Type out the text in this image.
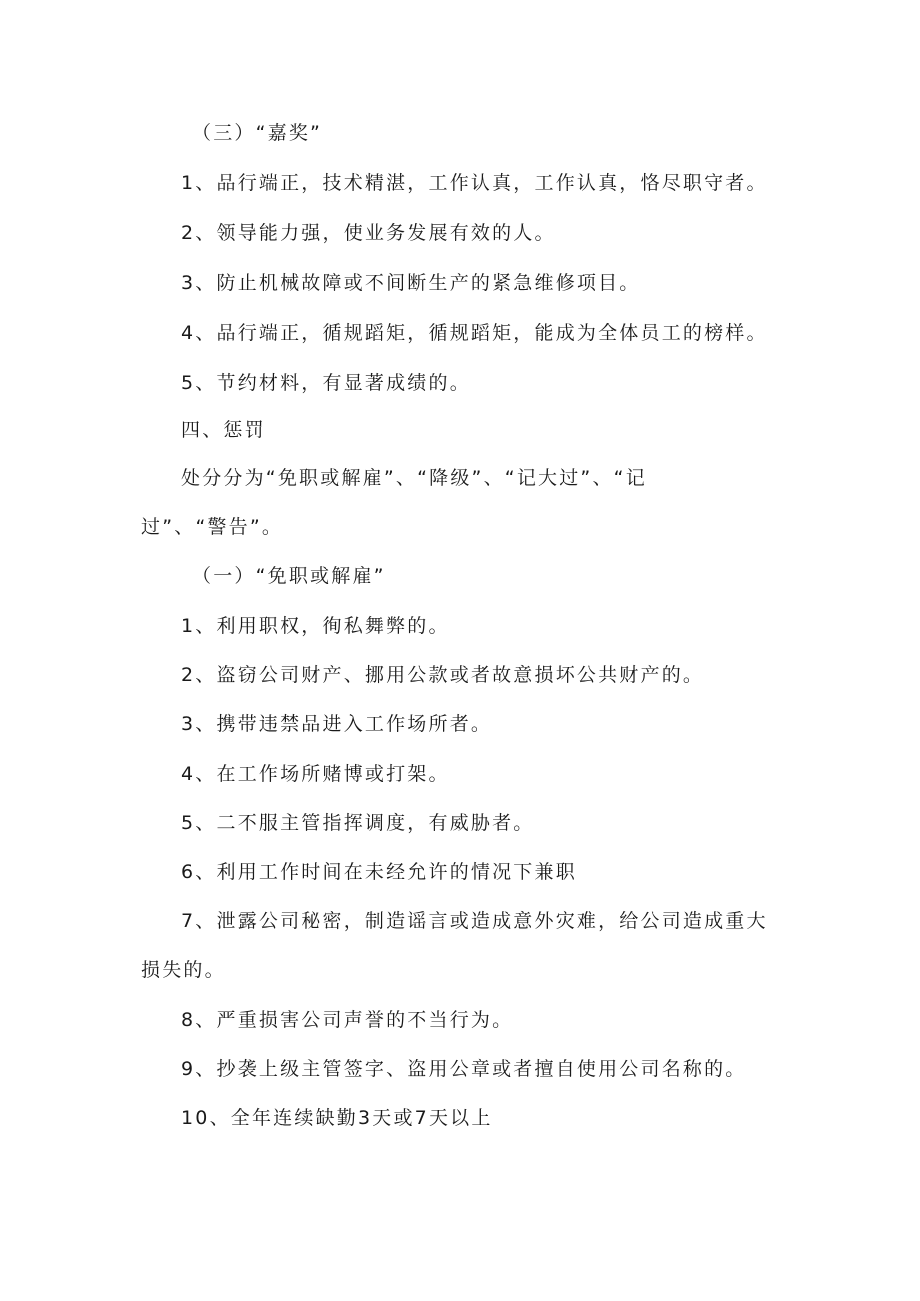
（三）“嘉奖”
1、品行端正，技术精湛，工作认真，工作认真，恪尽职守者。
2、领导能力强，使业务发展有效的人。
3、防止机械故障或不间断生产的紧急维修项目。
4、品行端正，循规蹈矩，循规蹈矩，能成为全体员工的榜样。
5、节约材料，有显著成绩的。
四、惩罚
处分分为“免职或解雇”、“降级”、“记大过”、“记
过”、“警告”。
（一）“免职或解雇”
1、利用职权，徇私舞弊的。
2、盗窃公司财产、挪用公款或者故意损坏公共财产的。
3、携带违禁品进入工作场所者。
4、在工作场所赌博或打架。
5、二不服主管指挥调度，有威胁者。
6、利用工作时间在未经允许的情况下兼职
7、泄露公司秘密，制造谣言或造成意外灾难，给公司造成重大
损失的。
8、严重损害公司声誉的不当行为。
9、抄袭上级主管签字、盗用公章或者擅自使用公司名称的。
10、全年连续缺勤3天或7天以上
